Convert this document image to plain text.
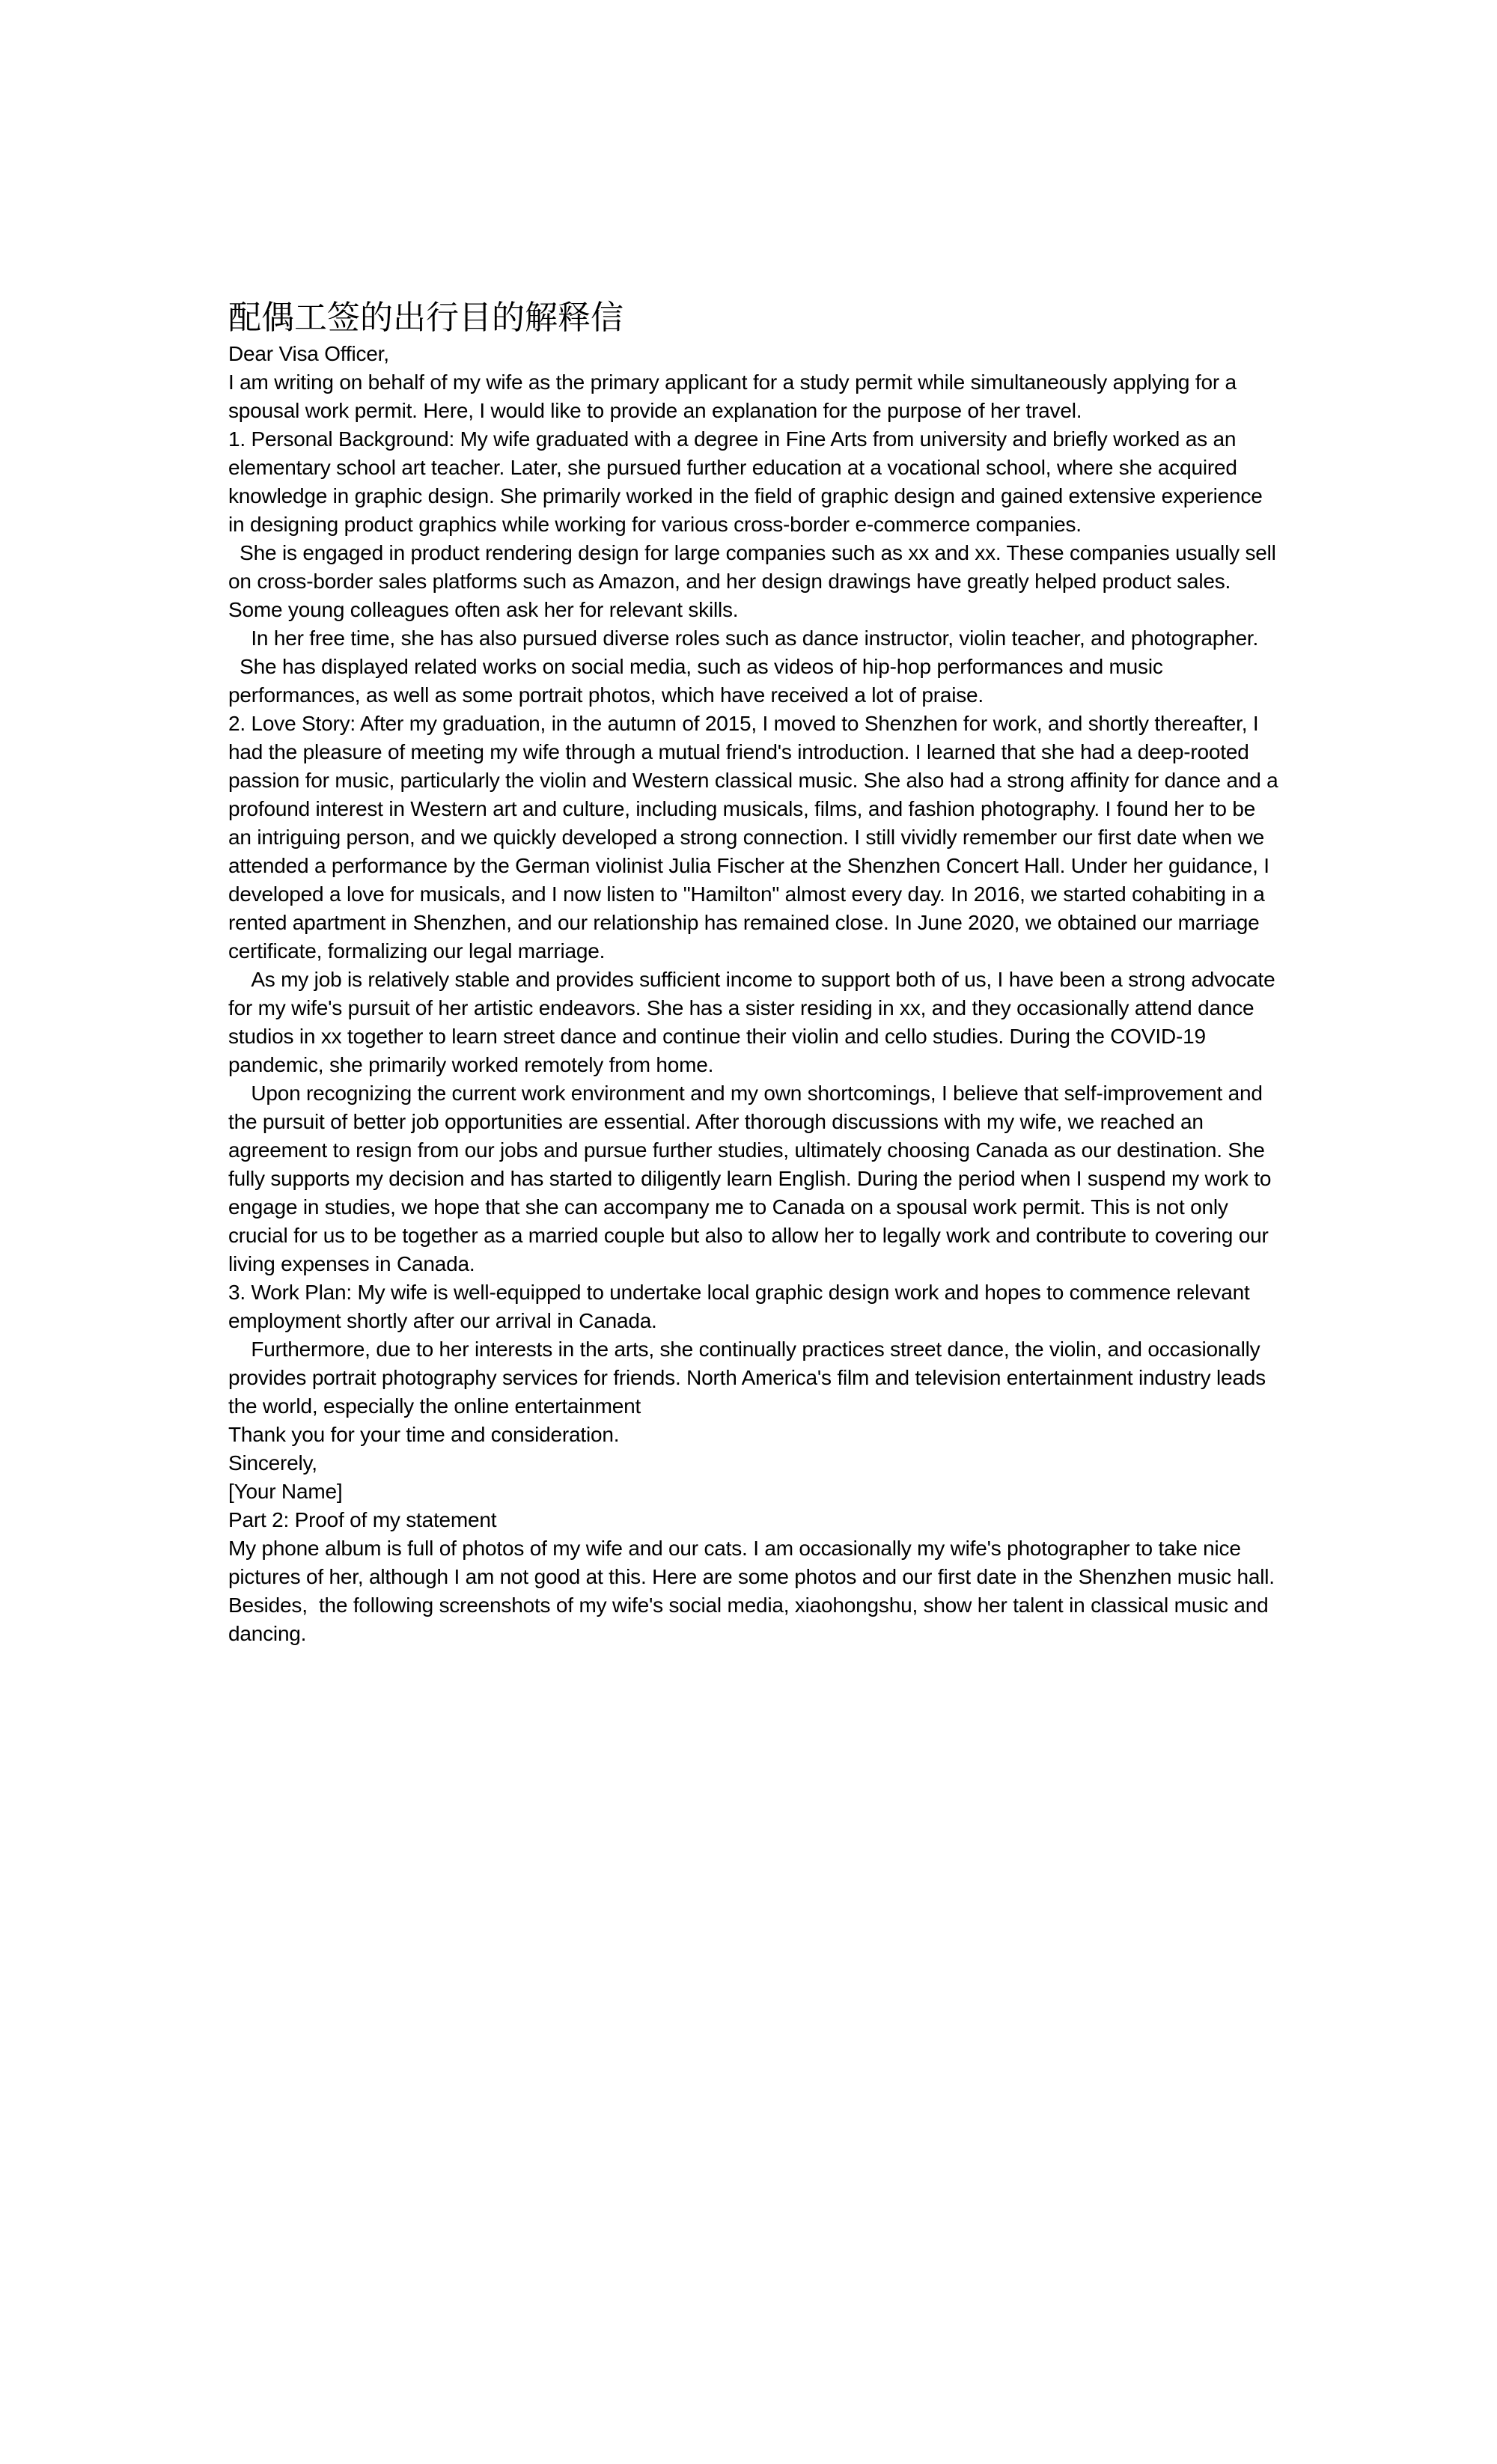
配偶工签的出行目的解释信

Dear Visa Officer,

I am writing on behalf of my wife as the primary applicant for a study permit while simultaneously applying for a spousal work permit. Here, I would like to provide an explanation for the purpose of her travel.

1. Personal Background: My wife graduated with a degree in Fine Arts from university and briefly worked as an elementary school art teacher. Later, she pursued further education at a vocational school, where she acquired knowledge in graphic design. She primarily worked in the field of graphic design and gained extensive experience in designing product graphics while working for various cross-border e-commerce companies.

She is engaged in product rendering design for large companies such as xx and xx. These companies usually sell on cross-border sales platforms such as Amazon, and her design drawings have greatly helped product sales. Some young colleagues often ask her for relevant skills.

In her free time, she has also pursued diverse roles such as dance instructor, violin teacher, and photographer.

She has displayed related works on social media, such as videos of hip-hop performances and music performances, as well as some portrait photos, which have received a lot of praise.

2. Love Story: After my graduation, in the autumn of 2015, I moved to Shenzhen for work, and shortly thereafter, I had the pleasure of meeting my wife through a mutual friend's introduction. I learned that she had a deep-rooted passion for music, particularly the violin and Western classical music. She also had a strong affinity for dance and a profound interest in Western art and culture, including musicals, films, and fashion photography. I found her to be an intriguing person, and we quickly developed a strong connection. I still vividly remember our first date when we attended a performance by the German violinist Julia Fischer at the Shenzhen Concert Hall. Under her guidance, I developed a love for musicals, and I now listen to "Hamilton" almost every day. In 2016, we started cohabiting in a rented apartment in Shenzhen, and our relationship has remained close. In June 2020, we obtained our marriage certificate, formalizing our legal marriage.

As my job is relatively stable and provides sufficient income to support both of us, I have been a strong advocate for my wife's pursuit of her artistic endeavors. She has a sister residing in xx, and they occasionally attend dance studios in xx together to learn street dance and continue their violin and cello studies. During the COVID-19 pandemic, she primarily worked remotely from home.

Upon recognizing the current work environment and my own shortcomings, I believe that self-improvement and the pursuit of better job opportunities are essential. After thorough discussions with my wife, we reached an agreement to resign from our jobs and pursue further studies, ultimately choosing Canada as our destination. She fully supports my decision and has started to diligently learn English. During the period when I suspend my work to engage in studies, we hope that she can accompany me to Canada on a spousal work permit. This is not only crucial for us to be together as a married couple but also to allow her to legally work and contribute to covering our living expenses in Canada.

3. Work Plan: My wife is well-equipped to undertake local graphic design work and hopes to commence relevant employment shortly after our arrival in Canada.

Furthermore, due to her interests in the arts, she continually practices street dance, the violin, and occasionally provides portrait photography services for friends. North America's film and television entertainment industry leads the world, especially the online entertainment

Thank you for your time and consideration.

Sincerely,

[Your Name]

Part 2: Proof of my statement

My phone album is full of photos of my wife and our cats. I am occasionally my wife's photographer to take nice pictures of her, although I am not good at this. Here are some photos and our first date in the Shenzhen music hall.

Besides,  the following screenshots of my wife's social media, xiaohongshu, show her talent in classical music and dancing.
